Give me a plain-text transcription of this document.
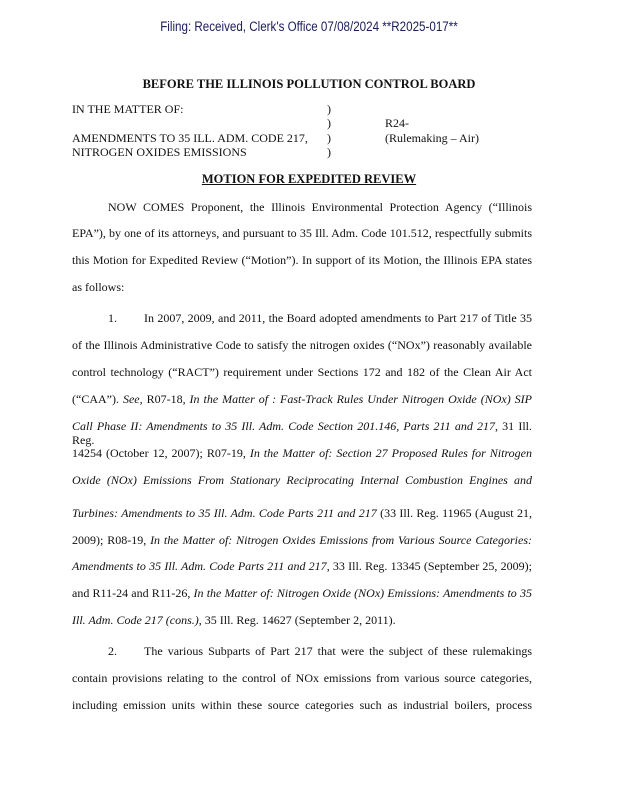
Filing: Received, Clerk's Office 07/08/2024 **R2025-017**
BEFORE THE ILLINOIS POLLUTION CONTROL BOARD
IN THE MATTER OF:
AMENDMENTS TO 35 ILL. ADM. CODE 217,
NITROGEN OXIDES EMISSIONS
)
)
)
)
R24-
(Rulemaking – Air)
MOTION FOR EXPEDITED REVIEW
1.
2.
NOW COMES Proponent, the Illinois Environmental Protection Agency (“Illinois
EPA”), by one of its attorneys, and pursuant to 35 Ill. Adm. Code 101.512, respectfully submits
this Motion for Expedited Review (“Motion”). In support of its Motion, the Illinois EPA states
as follows:
In 2007, 2009, and 2011, the Board adopted amendments to Part 217 of Title 35
of the Illinois Administrative Code to satisfy the nitrogen oxides (“NOx”) reasonably available
control technology (“RACT”) requirement under Sections 172 and 182 of the Clean Air Act
(“CAA”). See, R07-18, In the Matter of : Fast-Track Rules Under Nitrogen Oxide (NOx) SIP
Call Phase II: Amendments to 35 Ill. Adm. Code Section 201.146, Parts 211 and 217, 31 Ill. Reg.
14254 (October 12, 2007); R07-19, In the Matter of: Section 27 Proposed Rules for Nitrogen
Oxide (NOx) Emissions From Stationary Reciprocating Internal Combustion Engines and
Turbines: Amendments to 35 Ill. Adm. Code Parts 211 and 217 (33 Ill. Reg. 11965 (August 21,
2009); R08-19, In the Matter of: Nitrogen Oxides Emissions from Various Source Categories:
Amendments to 35 Ill. Adm. Code Parts 211 and 217, 33 Ill. Reg. 13345 (September 25, 2009);
and R11-24 and R11-26, In the Matter of: Nitrogen Oxide (NOx) Emissions: Amendments to 35
Ill. Adm. Code 217 (cons.), 35 Ill. Reg. 14627 (September 2, 2011).
The various Subparts of Part 217 that were the subject of these rulemakings
contain provisions relating to the control of NOx emissions from various source categories,
including emission units within these source categories such as industrial boilers, process
